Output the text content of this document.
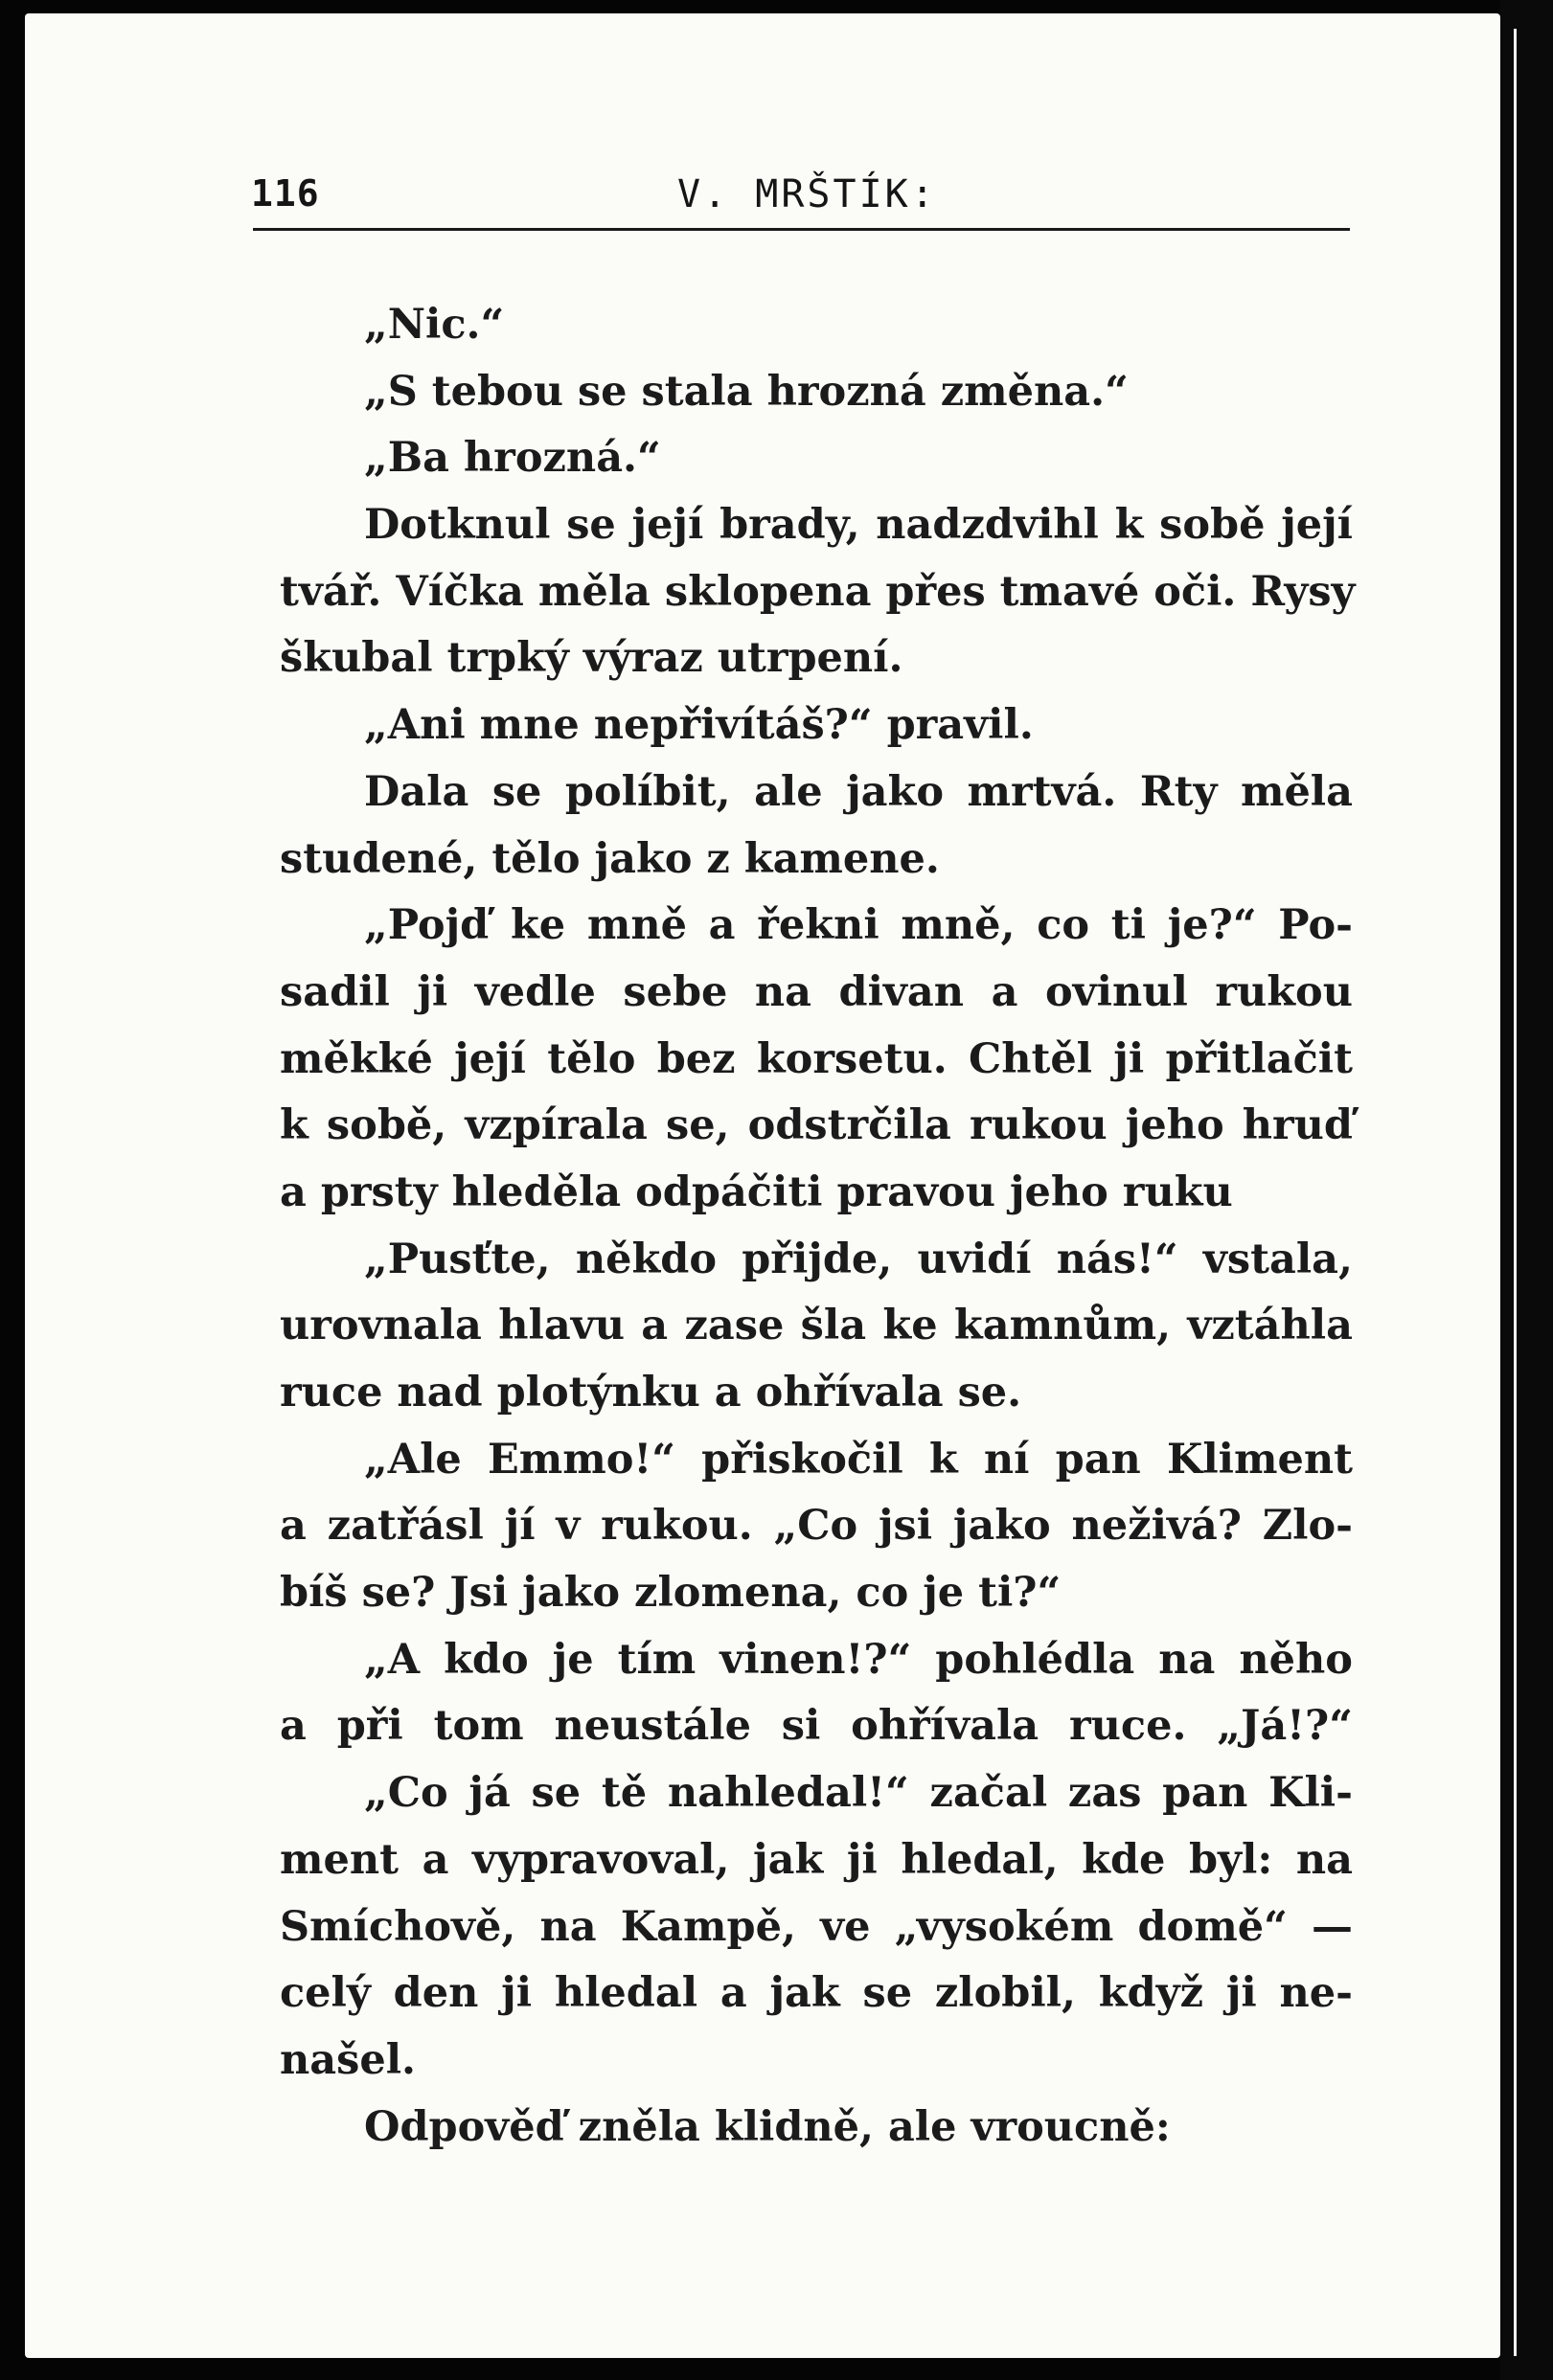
116	V. MRŠTÍK:
„Nic.“
„S tebou se stala hrozná změna.“
„Ba hrozná.“
Dotknul se její brady, nadzdvihl k sobě její
tvář. Víčka měla sklopena přes tmavé oči. Rysy
škubal trpký výraz utrpení.
„Ani mne nepřivítáš?“ pravil.
Dala se políbit, ale jako mrtvá. Rty měla
studené, tělo jako z kamene.
„Pojď ke mně a řekni mně, co ti je?“ Po-
sadil ji vedle sebe na divan a ovinul rukou
měkké její tělo bez korsetu. Chtěl ji přitlačit
k sobě, vzpírala se, odstrčila rukou jeho hruď
a prsty hleděla odpáčiti pravou jeho ruku
„Pusťte, někdo přijde, uvidí nás!“ vstala,
urovnala hlavu a zase šla ke kamnům, vztáhla
ruce nad plotýnku a ohřívala se.
„Ale Emmo!“ přiskočil k ní pan Kliment
a zatřásl jí v rukou. „Co jsi jako neživá? Zlo-
bíš se? Jsi jako zlomena, co je ti?“
„A kdo je tím vinen!?“ pohlédla na něho
a při tom neustále si ohřívala ruce. „Já!?“
„Co já se tě nahledal!“ začal zas pan Kli-
ment a vypravoval, jak ji hledal, kde byl: na
Smíchově, na Kampě, ve „vysokém domě“ —
celý den ji hledal a jak se zlobil, když ji ne-
našel.
Odpověď zněla klidně, ale vroucně:
